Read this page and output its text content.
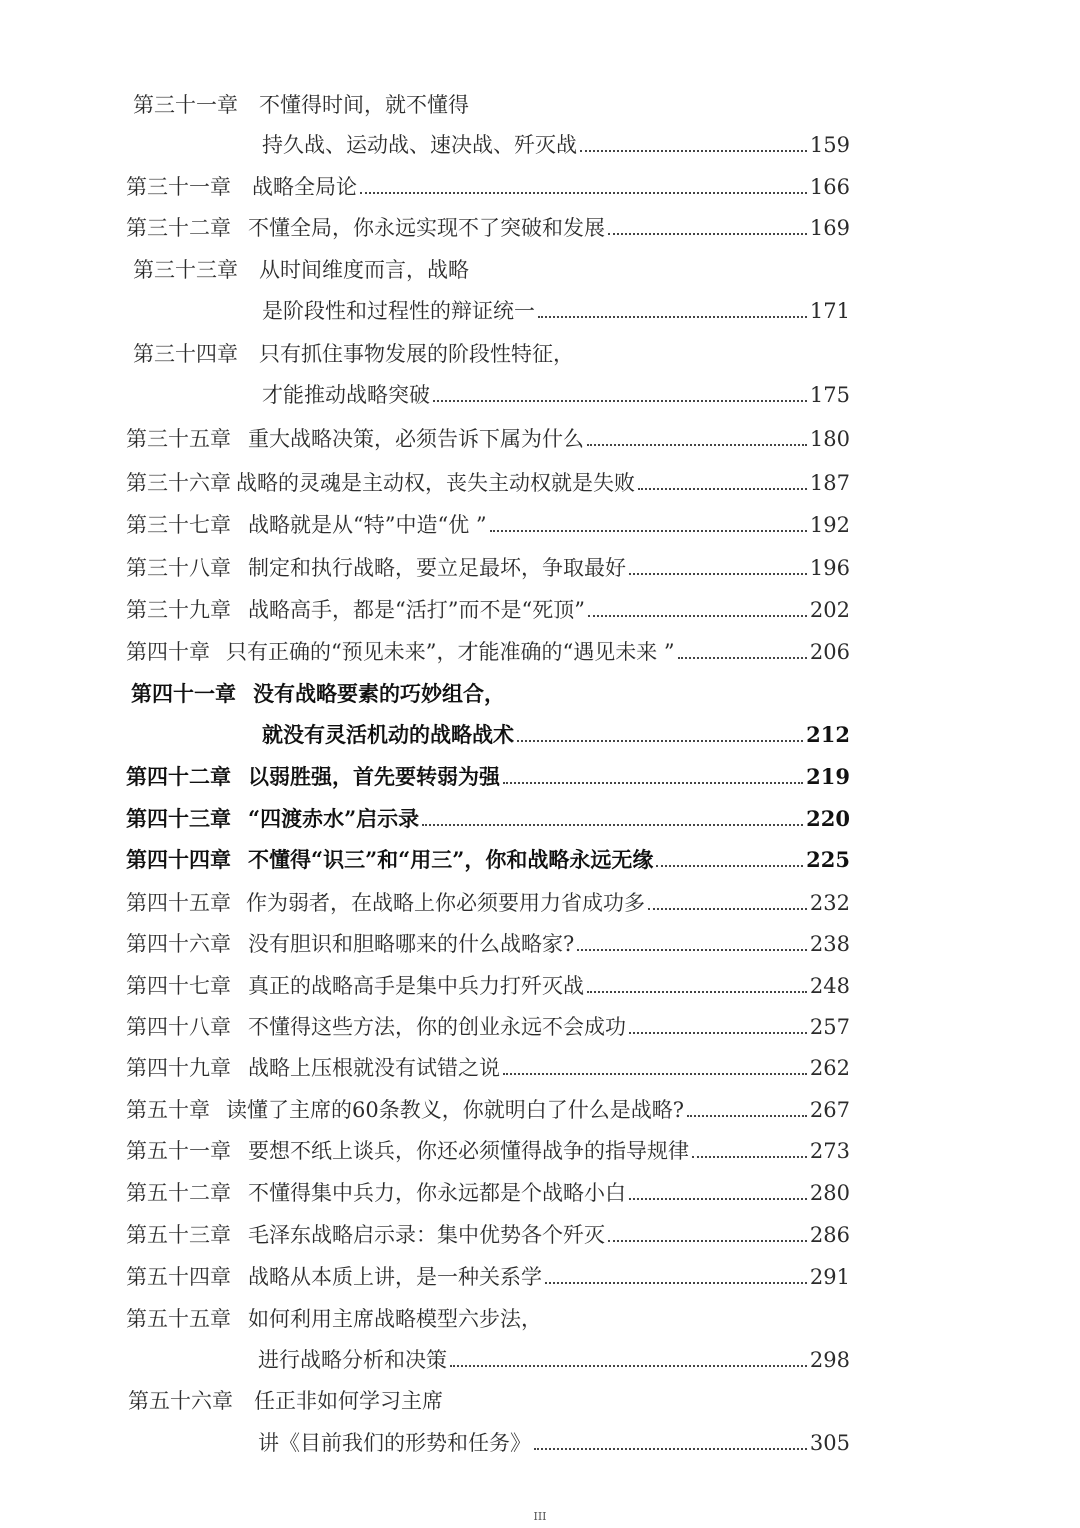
第三十一章	不懂得时间，就不懂得
持久战、运动战、速决战、歼灭战	159
第三十一章	战略全局论	166
第三十二章 不懂全局，你永远实现不了突破和发展	169
第三十三章	从时间维度而言，战略
是阶段性和过程性的辩证统一	171
第三十四章	只有抓住事物发展的阶段性特征，
才能推动战略突破	175
第三十五章 重大战略决策，必须告诉下属为什么	180
第三十六章 战略的灵魂是主动权，丧失主动权就是失败	187
第三十七章 战略就是从“特”中造“优 ”	192
第三十八章 制定和执行战略，要立足最坏，争取最好	196
第三十九章 战略高手，都是“活打”而不是“死顶”	202
第四十章 只有正确的“预见未来”，才能准确的“遇见未来 ”	206
第四十一章 没有战略要素的巧妙组合，
就没有灵活机动的战略战术	212
第四十二章 以弱胜强，首先要转弱为强	219
第四十三章 “四渡赤水”启示录	220
第四十四章 不懂得“识三”和“用三”，你和战略永远无缘	225
第四十五章 作为弱者，在战略上你必须要用力省成功多	232
第四十六章 没有胆识和胆略哪来的什么战略家?	238
第四十七章 真正的战略高手是集中兵力打歼灭战	248
第四十八章 不懂得这些方法，你的创业永远不会成功	257
第四十九章 战略上压根就没有试错之说	262
第五十章 读懂了主席的60条教义，你就明白了什么是战略?	267
第五十一章 要想不纸上谈兵，你还必须懂得战争的指导规律	273
第五十二章 不懂得集中兵力，你永远都是个战略小白	280
第五十三章 毛泽东战略启示录：集中优势各个歼灭	286
第五十四章 战略从本质上讲，是一种关系学	291
第五十五章 如何利用主席战略模型六步法，
进行战略分析和决策	298
第五十六章	任正非如何学习主席
讲《目前我们的形势和任务》	305
III
